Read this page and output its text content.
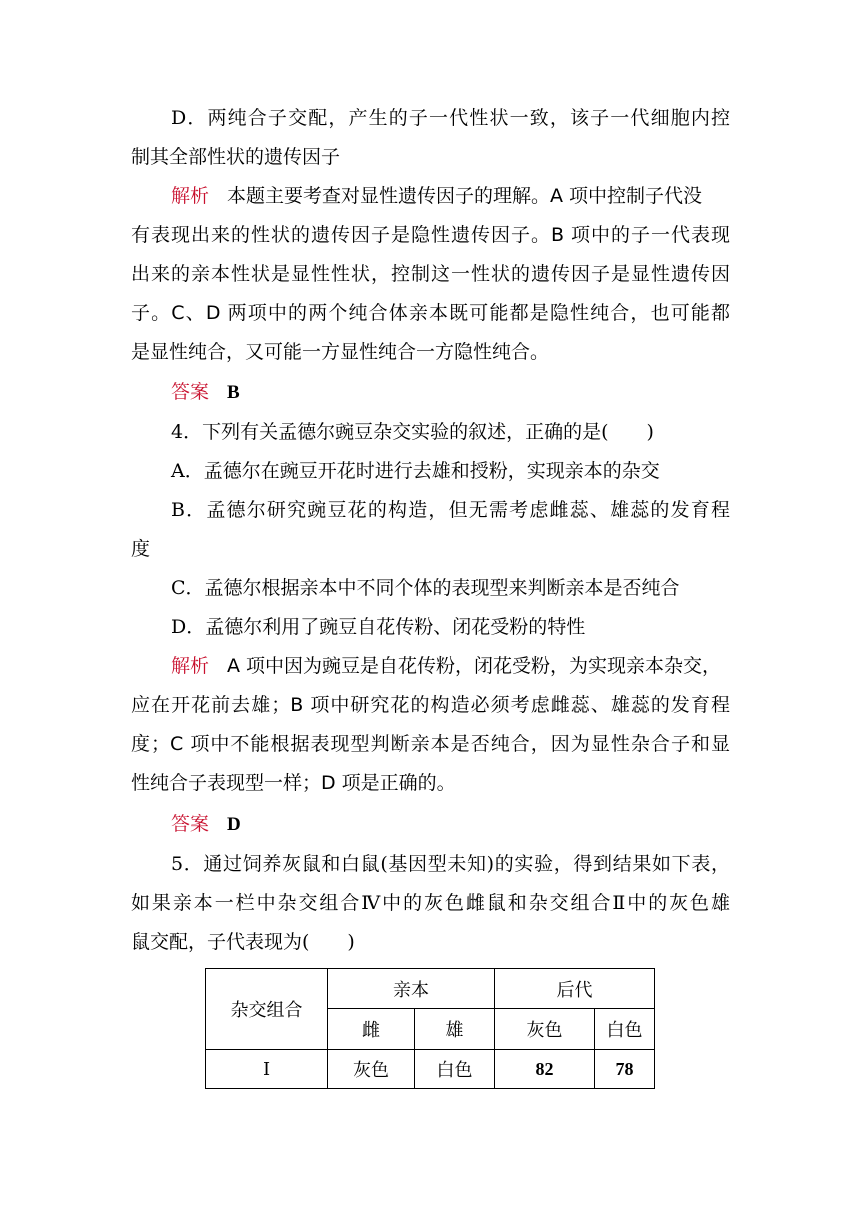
D．两纯合子交配，产生的子一代性状一致，该子一代细胞内控
制其全部性状的遗传因子
解析 本题主要考查对显性遗传因子的理解。A 项中控制子代没
有表现出来的性状的遗传因子是隐性遗传因子。B 项中的子一代表现
出来的亲本性状是显性性状，控制这一性状的遗传因子是显性遗传因
子。C、D 两项中的两个纯合体亲本既可能都是隐性纯合，也可能都
是显性纯合，又可能一方显性纯合一方隐性纯合。
答案 B
4．下列有关孟德尔豌豆杂交实验的叙述，正确的是(　　)
A．孟德尔在豌豆开花时进行去雄和授粉，实现亲本的杂交
B．孟德尔研究豌豆花的构造，但无需考虑雌蕊、雄蕊的发育程
度
C．孟德尔根据亲本中不同个体的表现型来判断亲本是否纯合
D．孟德尔利用了豌豆自花传粉、闭花受粉的特性
解析 A 项中因为豌豆是自花传粉，闭花受粉，为实现亲本杂交，
应在开花前去雄；B 项中研究花的构造必须考虑雌蕊、雄蕊的发育程
度；C 项中不能根据表现型判断亲本是否纯合，因为显性杂合子和显
性纯合子表现型一样；D 项是正确的。
答案 D
5．通过饲养灰鼠和白鼠(基因型未知)的实验，得到结果如下表，
如果亲本一栏中杂交组合Ⅳ中的灰色雌鼠和杂交组合Ⅱ中的灰色雄
鼠交配，子代表现为(　　)
杂交组合	亲本		后代	
	雌	雄	灰色	白色
Ⅰ	灰色	白色	82	78
